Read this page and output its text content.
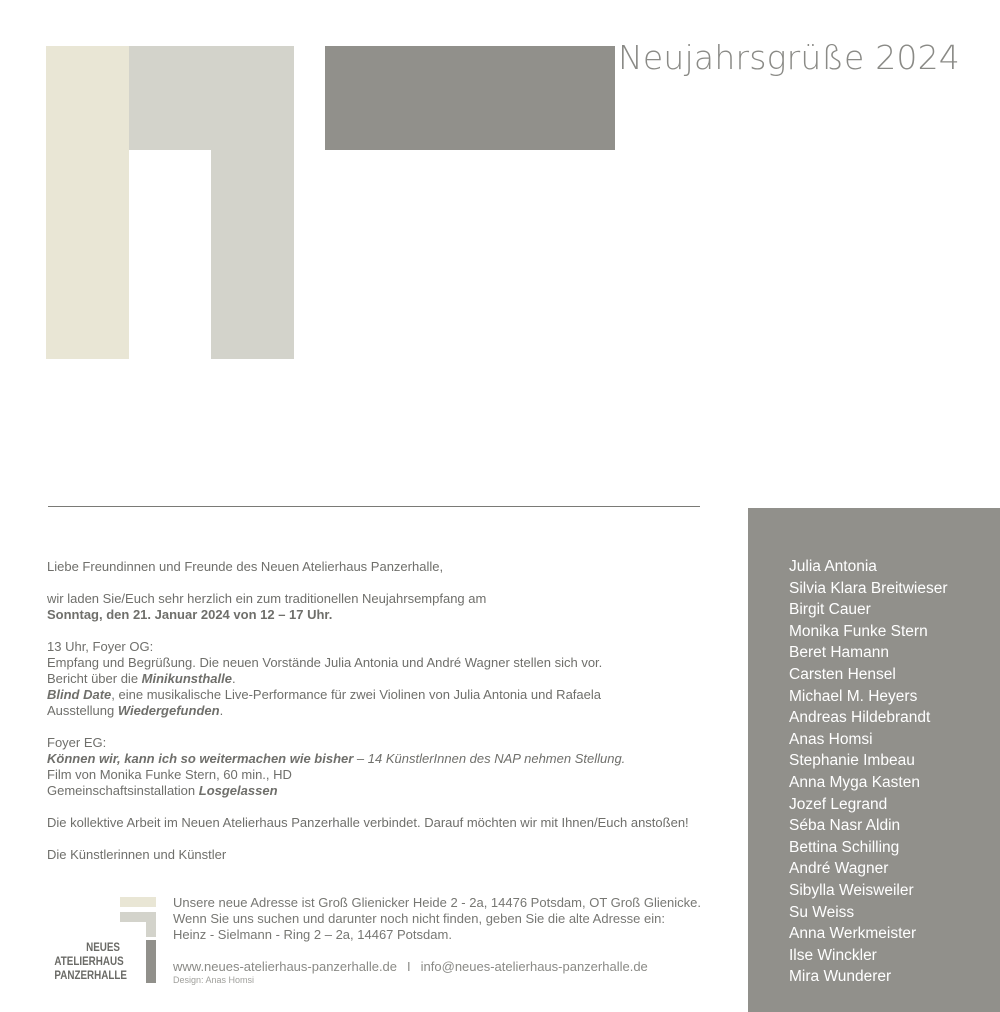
Neujahrsgrüße 2024
Liebe Freundinnen und Freunde des Neuen Atelierhaus Panzerhalle,
wir laden Sie/Euch sehr herzlich ein zum traditionellen Neujahrsempfang am
Sonntag, den 21. Januar 2024 von 12 – 17 Uhr.
13 Uhr, Foyer OG:
Empfang und Begrüßung. Die neuen Vorstände Julia Antonia und André Wagner stellen sich vor.
Bericht über die Minikunsthalle.
Blind Date, eine musikalische Live-Performance für zwei Violinen von Julia Antonia und Rafaela
Ausstellung Wiedergefunden.
Foyer EG:
Können wir, kann ich so weitermachen wie bisher – 14 KünstlerInnen des NAP nehmen Stellung.
Film von Monika Funke Stern, 60 min., HD
Gemeinschaftsinstallation Losgelassen
Die kollektive Arbeit im Neuen Atelierhaus Panzerhalle verbindet. Darauf möchten wir mit Ihnen/Euch anstoßen!
Die Künstlerinnen und Künstler
Julia Antonia
Silvia Klara Breitwieser
Birgit Cauer
Monika Funke Stern
Beret Hamann
Carsten Hensel
Michael M. Heyers
Andreas Hildebrandt
Anas Homsi
Stephanie Imbeau
Anna Myga Kasten
Jozef Legrand
Séba Nasr Aldin
Bettina Schilling
André Wagner
Sibylla Weisweiler
Su Weiss
Anna Werkmeister
Ilse Winckler
Mira Wunderer
NEUES
ATELIERHAUS
PANZERHALLE
Unsere neue Adresse ist Groß Glienicker Heide 2 - 2a, 14476 Potsdam, OT Groß Glienicke.
Wenn Sie uns suchen und darunter noch nicht finden, geben Sie die alte Adresse ein:
Heinz - Sielmann - Ring 2 – 2a, 14467 Potsdam.
www.neues-atelierhaus-panzerhalle.de I info@neues-atelierhaus-panzerhalle.de
Design: Anas Homsi
